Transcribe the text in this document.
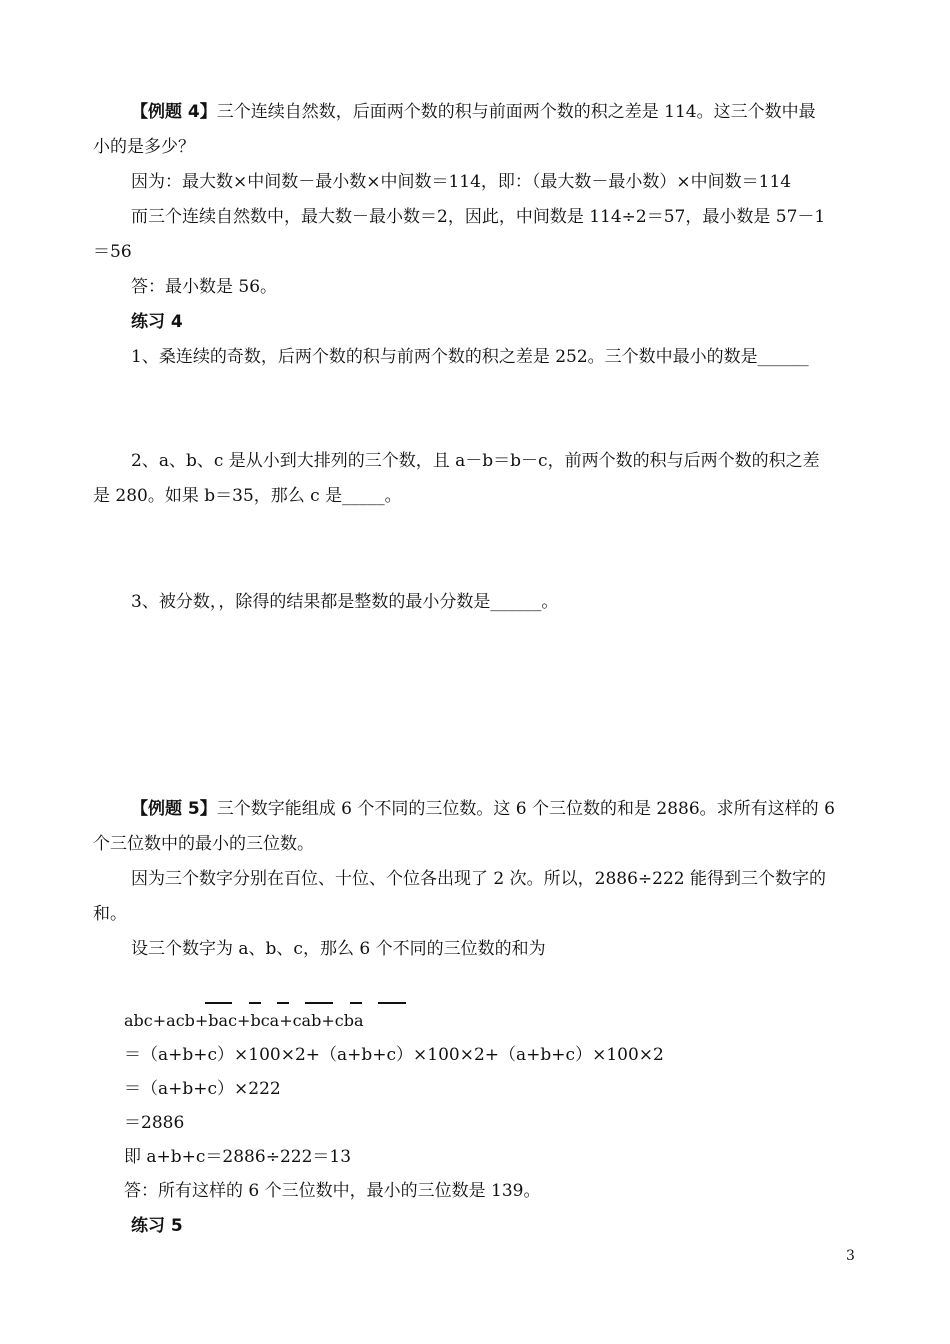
【例题 4】三个连续自然数，后面两个数的积与前面两个数的积之差是 114。这三个数中最
小的是多少？
因为：最大数×中间数－最小数×中间数＝114，即：（最大数－最小数）×中间数＝114
而三个连续自然数中，最大数－最小数＝2，因此，中间数是 114÷2＝57，最小数是 57－1
＝56
答：最小数是 56。
练习 4
1、桑连续的奇数，后两个数的积与前两个数的积之差是 252。三个数中最小的数是______
2、a、b、c 是从小到大排列的三个数，且 a－b＝b－c，前两个数的积与后两个数的积之差
是 280。如果 b＝35，那么 c 是_____。
3、被分数，，除得的结果都是整数的最小分数是______。
【例题 5】三个数字能组成 6 个不同的三位数。这 6 个三位数的和是 2886。求所有这样的 6
个三位数中的最小的三位数。
因为三个数字分别在百位、十位、个位各出现了 2 次。所以，2886÷222 能得到三个数字的
和。
设三个数字为 a、b、c，那么 6 个不同的三位数的和为
abc+acb+bac+bca+cab+cba
＝（a+b+c）×100×2+（a+b+c）×100×2+（a+b+c）×100×2
＝（a+b+c）×222
＝2886
即 a+b+c＝2886÷222＝13
答：所有这样的 6 个三位数中，最小的三位数是 139。
练习 5
3
